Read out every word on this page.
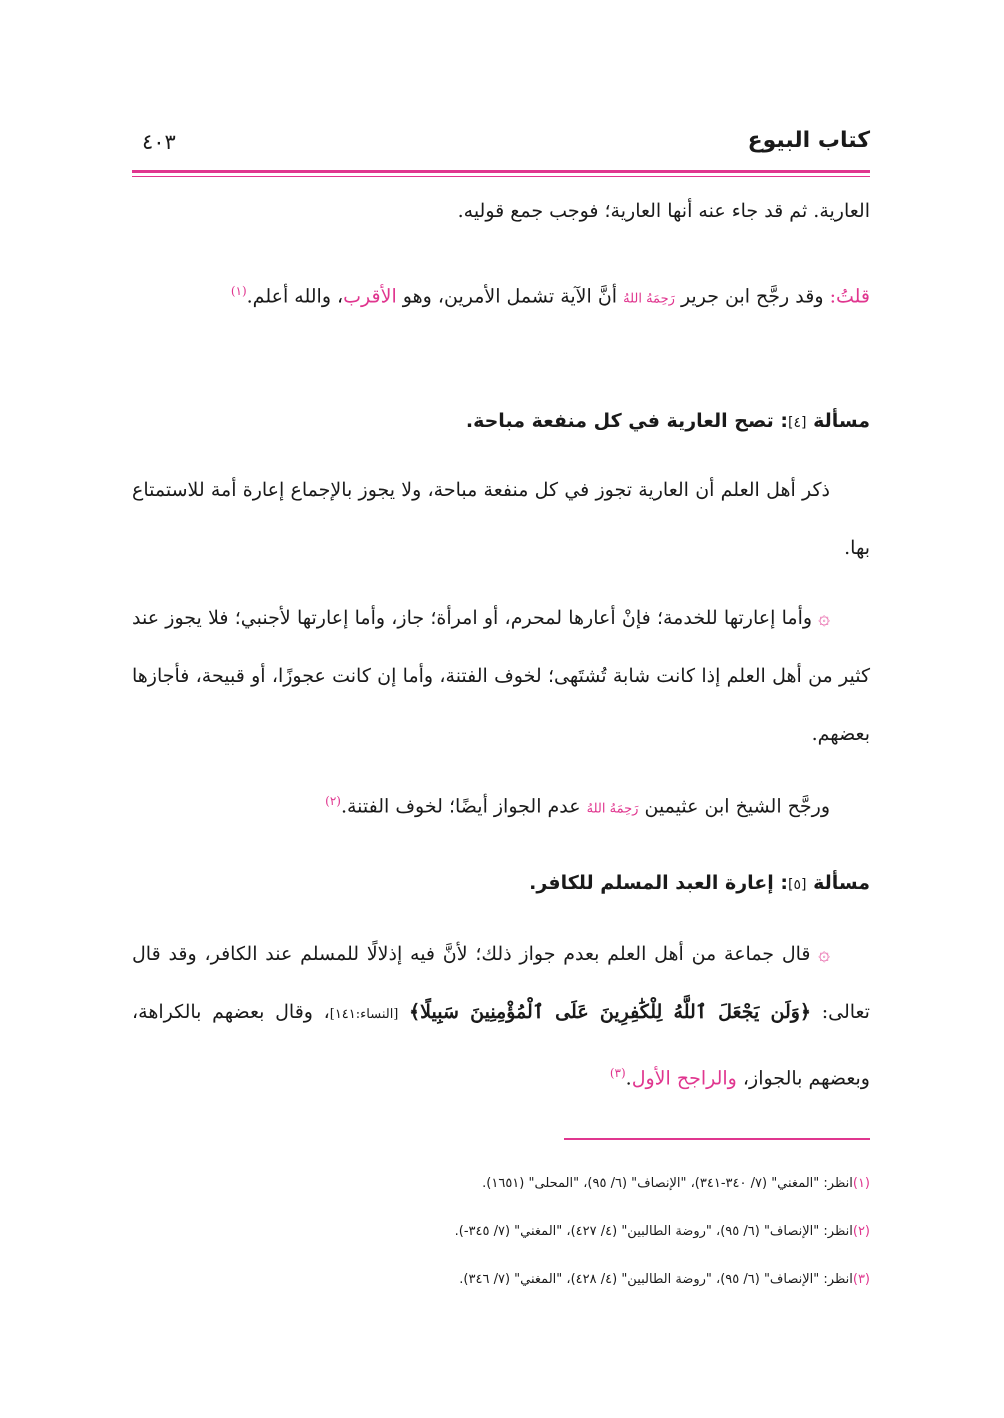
كتاب البيوع
٤٠٣

العارية. ثم قد جاء عنه أنها العارية؛ فوجب جمع قوليه.

قلتُ: وقد رجَّح ابن جرير رَحِمَهُ اللهُ أنَّ الآية تشمل الأمرين، وهو الأقرب، والله أعلم.$^{(١)}$

مسألة [٤]: تصح العارية في كل منفعة مباحة.

ذكر أهل العلم أن العارية تجوز في كل منفعة مباحة، ولا يجوز بالإجماع إعارة أمة للاستمتاع بها.

۞ وأما إعارتها للخدمة؛ فإنْ أعارها لمحرم، أو امرأة؛ جاز، وأما إعارتها لأجنبي؛ فلا يجوز عند كثير من أهل العلم إذا كانت شابة تُشتَهى؛ لخوف الفتنة، وأما إن كانت عجوزًا، أو قبيحة، فأجازها بعضهم.

ورجَّح الشيخ ابن عثيمين رَحِمَهُ اللهُ عدم الجواز أيضًا؛ لخوف الفتنة.$^{(٢)}$

مسألة [٥]: إعارة العبد المسلم للكافر.

۞ قال جماعة من أهل العلم بعدم جواز ذلك؛ لأنَّ فيه إذلالًا للمسلم عند الكافر، وقد قال تعالى: ﴿وَلَن يَجْعَلَ ٱللَّهُ لِلْكَٰفِرِينَ عَلَى ٱلْمُؤْمِنِينَ سَبِيلًا﴾ [النساء:١٤١]، وقال بعضهم بالكراهة، وبعضهم بالجواز، والراجح الأول.$^{(٣)}$

(١)انظر: "المغني" (٧/ ٣٤٠-٣٤١)، "الإنصاف" (٦/ ٩٥)، "المحلى" (١٦٥١).
(٢)انظر: "الإنصاف" (٦/ ٩٥)، "روضة الطالبين" (٤/ ٤٢٧)، "المغني" (٧/ ٣٤٥-).
(٣)انظر: "الإنصاف" (٦/ ٩٥)، "روضة الطالبين" (٤/ ٤٢٨)، "المغني" (٧/ ٣٤٦).
